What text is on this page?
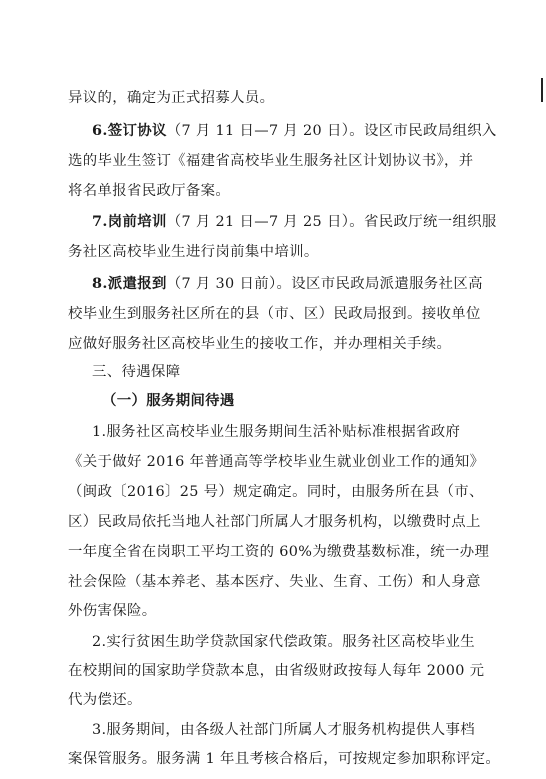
异议的，确定为正式招募人员。
6.签订协议（7 月 11 日—7 月 20 日）。设区市民政局组织入
选的毕业生签订《福建省高校毕业生服务社区计划协议书》，并
将名单报省民政厅备案。
7.岗前培训（7 月 21 日—7 月 25 日）。省民政厅统一组织服
务社区高校毕业生进行岗前集中培训。
8.派遣报到（7 月 30 日前）。设区市民政局派遣服务社区高
校毕业生到服务社区所在的县（市、区）民政局报到。接收单位
应做好服务社区高校毕业生的接收工作，并办理相关手续。
三、待遇保障
（一）服务期间待遇
1.服务社区高校毕业生服务期间生活补贴标准根据省政府
《关于做好 2016 年普通高等学校毕业生就业创业工作的通知》
（闽政〔2016〕25 号）规定确定。同时，由服务所在县（市、
区）民政局依托当地人社部门所属人才服务机构，以缴费时点上
一年度全省在岗职工平均工资的 60%为缴费基数标准，统一办理
社会保险（基本养老、基本医疗、失业、生育、工伤）和人身意
外伤害保险。
2.实行贫困生助学贷款国家代偿政策。服务社区高校毕业生
在校期间的国家助学贷款本息，由省级财政按每人每年 2000 元
代为偿还。
3.服务期间，由各级人社部门所属人才服务机构提供人事档
案保管服务。服务满 1 年且考核合格后，可按规定参加职称评定。
